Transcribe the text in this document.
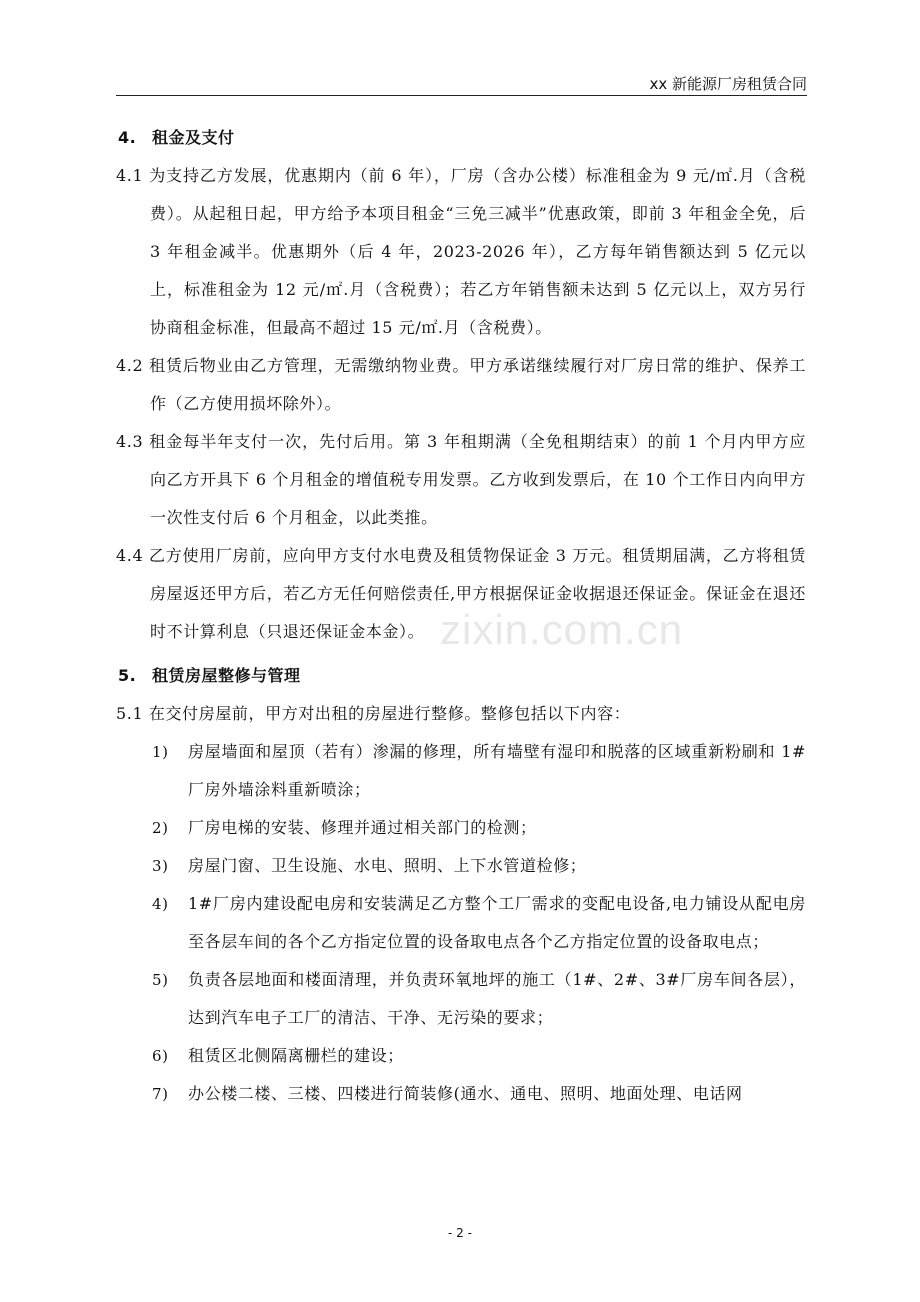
xx 新能源厂房租赁合同
zixin.com.cn
4. 租金及支付
4.1 为支持乙方发展，优惠期内（前 6 年），厂房（含办公楼）标准租金为 9 元/㎡.月（含税费）。从起租日起，甲方给予本项目租金“三免三减半”优惠政策，即前 3 年租金全免，后 3 年租金减半。优惠期外（后 4 年，2023-2026 年），乙方每年销售额达到 5 亿元以上，标准租金为 12 元/㎡.月（含税费）；若乙方年销售额未达到 5 亿元以上，双方另行协商租金标准，但最高不超过 15 元/㎡.月（含税费）。
4.2 租赁后物业由乙方管理，无需缴纳物业费。甲方承诺继续履行对厂房日常的维护、保养工作（乙方使用损坏除外）。
4.3 租金每半年支付一次，先付后用。第 3 年租期满（全免租期结束）的前 1 个月内甲方应向乙方开具下 6 个月租金的增值税专用发票。乙方收到发票后，在 10 个工作日内向甲方一次性支付后 6 个月租金，以此类推。
4.4 乙方使用厂房前，应向甲方支付水电费及租赁物保证金 3 万元。租赁期届满，乙方将租赁房屋返还甲方后，若乙方无任何赔偿责任,甲方根据保证金收据退还保证金。保证金在退还时不计算利息（只退还保证金本金）。
5. 租赁房屋整修与管理
5.1 在交付房屋前，甲方对出租的房屋进行整修。整修包括以下内容：
1) 房屋墙面和屋顶（若有）渗漏的修理，所有墙壁有湿印和脱落的区域重新粉刷和 1#厂房外墙涂料重新喷涂；
2) 厂房电梯的安装、修理并通过相关部门的检测；
3) 房屋门窗、卫生设施、水电、照明、上下水管道检修；
4) 1#厂房内建设配电房和安装满足乙方整个工厂需求的变配电设备,电力铺设从配电房至各层车间的各个乙方指定位置的设备取电点各个乙方指定位置的设备取电点；
5) 负责各层地面和楼面清理，并负责环氧地坪的施工（1#、2#、3#厂房车间各层），达到汽车电子工厂的清洁、干净、无污染的要求；
6) 租赁区北侧隔离栅栏的建设；
7) 办公楼二楼、三楼、四楼进行简装修(通水、通电、照明、地面处理、电话网
- 2 -
